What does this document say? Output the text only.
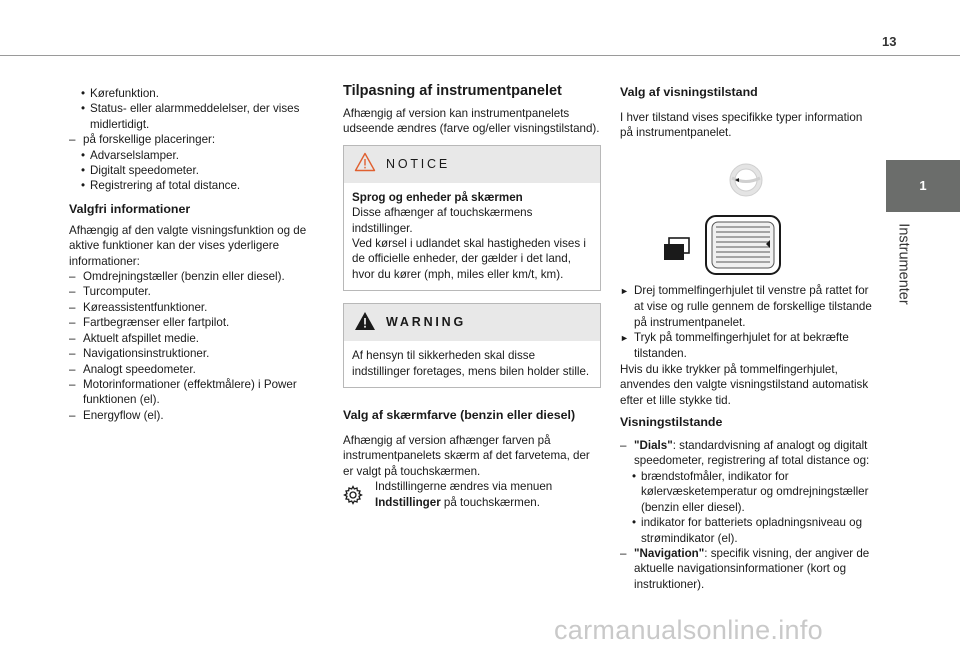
13
1
Instrumenter
• Kørefunktion.
• Status- eller alarmmeddelelser, der vises midlertidigt.
– på forskellige placeringer:
• Advarselslamper.
• Digitalt speedometer.
• Registrering af total distance.
Valgfri informationer

Afhængig af den valgte visningsfunktion og de aktive funktioner kan der vises yderligere informationer:

– Omdrejningstæller (benzin eller diesel).
– Turcomputer.
– Køreassistentfunktioner.
– Fartbegrænser eller fartpilot.
– Aktuelt afspillet medie.
– Navigationsinstruktioner.
– Analogt speedometer.
– Motorinformationer (effektmålere) i Power funktionen (el).
– Energyflow (el).
Tilpasning af instrumentpanelet

Afhængig af version kan instrumentpanelets udseende ændres (farve og/eller visningstilstand).

NOTICE
Sprog og enheder på skærmen
Disse afhænger af touchskærmens indstillinger.
Ved kørsel i udlandet skal hastigheden vises i de officielle enheder, der gælder i det land, hvor du kører (mph, miles eller km/t, km).
WARNING
Af hensyn til sikkerheden skal disse indstillinger foretages, mens bilen holder stille.
Valg af skærmfarve (benzin eller diesel)

Afhængig af version afhænger farven på instrumentpanelets skærm af det farvetema, der er valgt på touchskærmen.

Indstillingerne ændres via menuen
Indstillinger på touchskærmen.
Valg af visningstilstand

I hver tilstand vises specifikke typer information på instrumentpanelet.

► Drej tommelfingerhjulet til venstre på rattet for at vise og rulle gennem de forskellige tilstande på instrumentpanelet.
► Tryk på tommelfingerhjulet for at bekræfte tilstanden.

Hvis du ikke trykker på tommelfingerhjulet, anvendes den valgte visningstilstand automatisk efter et lille stykke tid.

Visningstilstande
– "Dials": standardvisning af analogt og digitalt speedometer, registrering af total distance og:
• brændstofmåler, indikator for kølervæsketemperatur og omdrejningstæller (benzin eller diesel).
• indikator for batteriets opladningsniveau og strømindikator (el).
– "Navigation": specifik visning, der angiver de aktuelle navigationsinformationer (kort og instruktioner).
carmanualsonline.info
